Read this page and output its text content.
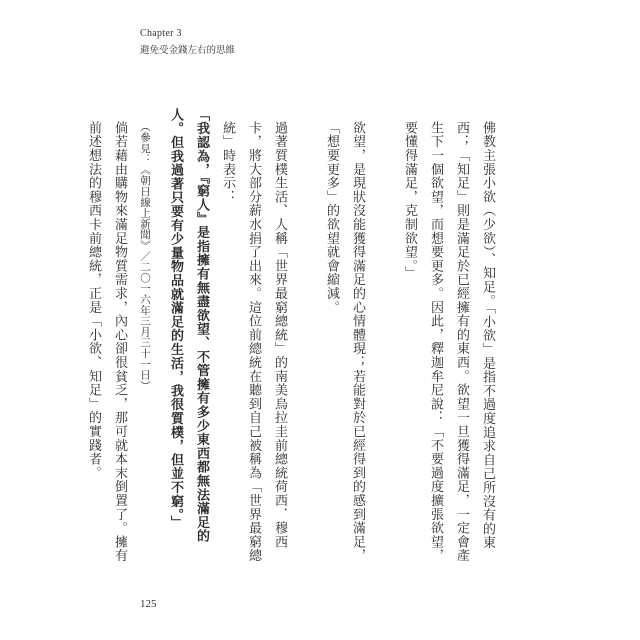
Chapter 3
避免受金錢左右的思維

佛教主張小欲（少欲）、知足。「小欲」是指不過度追求自己所沒有的東西；「知足」則是滿足於已經擁有的東西。欲望一旦獲得滿足，一定會產生下一個欲望，而想要更多。因此，釋迦牟尼說：「不要過度擴張欲望，要懂得滿足，克制欲望。」

欲望，是現狀沒能獲得滿足的心情體現；若能對於已經得到的感到滿足，「想要更多」的欲望就會縮減。

過著質樸生活、人稱「世界最窮總統」的南美烏拉圭前總統荷西．穆西卡，將大部分薪水捐了出來。這位前總統在聽到自己被稱為「世界最窮總統」時表示：

「我認為，『窮人』是指擁有無盡欲望、不管擁有多少東西都無法滿足的人。但我過著只要有少量物品就滿足的生活，我很質樸，但並不窮。」

（參見：《朝日線上新聞》／二〇一六年三月三十一日）

倘若藉由購物來滿足物質需求，內心卻很貧乏，那可就本末倒置了。擁有前述想法的穆西卡前總統，正是「小欲、知足」的實踐者。

125
